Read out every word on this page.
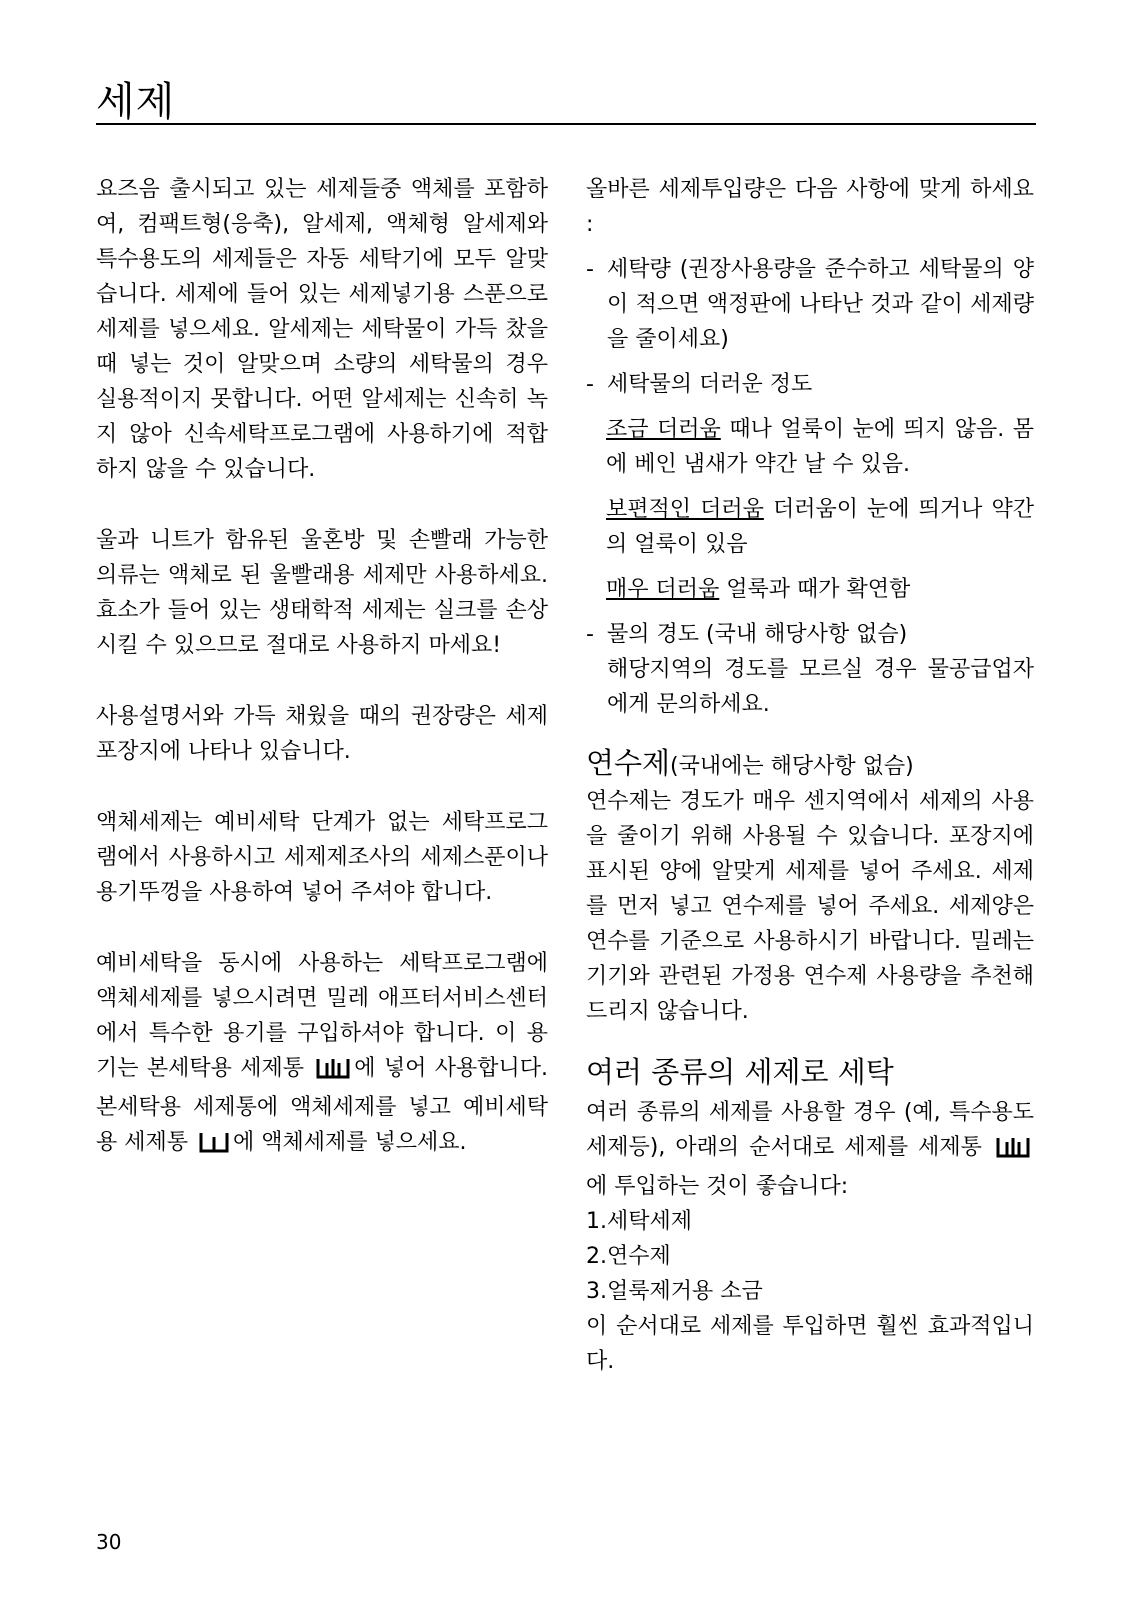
세제

요즈음 출시되고 있는 세제들중 액체를 포함하여, 컴팩트형(응축), 알세제, 액체형 알세제와 특수용도의 세제들은 자동 세탁기에 모두 알맞습니다. 세제에 들어 있는 세제넣기용 스푼으로 세제를 넣으세요. 알세제는 세탁물이 가득 찼을 때 넣는 것이 알맞으며 소량의 세탁물의 경우 실용적이지 못합니다. 어떤 알세제는 신속히 녹지 않아 신속세탁프로그램에 사용하기에 적합하지 않을 수 있습니다.

울과 니트가 함유된 울혼방 및 손빨래 가능한 의류는 액체로 된 울빨래용 세제만 사용하세요. 효소가 들어 있는 생태학적 세제는 실크를 손상시킬 수 있으므로 절대로 사용하지 마세요!

사용설명서와 가득 채웠을 때의 권장량은 세제 포장지에 나타나 있습니다.

액체세제는 예비세탁 단계가 없는 세탁프로그램에서 사용하시고 세제제조사의 세제스푼이나 용기뚜껑을 사용하여 넣어 주셔야 합니다.

예비세탁을 동시에 사용하는 세탁프로그램에 액체세제를 넣으시려면 밀레 애프터서비스센터에서 특수한 용기를 구입하셔야 합니다. 이 용기는 본세탁용 세제통 에 넣어 사용합니다. 본세탁용 세제통에 액체세제를 넣고 예비세탁용 세제통 에 액체세제를 넣으세요.

올바른 세제투입량은 다음 사항에 맞게 하세요 :

- 세탁량 (권장사용량을 준수하고 세탁물의 양이 적으면 액정판에 나타난 것과 같이 세제량을 줄이세요)

- 세탁물의 더러운 정도

조금 더러움 때나 얼룩이 눈에 띄지 않음. 몸에 베인 냄새가 약간 날 수 있음.

보편적인 더러움 더러움이 눈에 띄거나 약간의 얼룩이 있음

매우 더러움 얼룩과 때가 확연함

- 물의 경도 (국내 해당사항 없슴)

해당지역의 경도를 모르실 경우 물공급업자에게 문의하세요.

연수제(국내에는 해당사항 없슴)

연수제는 경도가 매우 센지역에서 세제의 사용을 줄이기 위해 사용될 수 있습니다. 포장지에 표시된 양에 알맞게 세제를 넣어 주세요. 세제를 먼저 넣고 연수제를 넣어 주세요. 세제양은 연수를 기준으로 사용하시기 바랍니다. 밀레는 기기와 관련된 가정용 연수제 사용량을 추천해 드리지 않습니다.

여러 종류의 세제로 세탁

여러 종류의 세제를 사용할 경우 (예, 특수용도 세제등), 아래의 순서대로 세제를 세제통 에 투입하는 것이 좋습니다:

1.세탁세제

2.연수제

3.얼룩제거용 소금

이 순서대로 세제를 투입하면 훨씬 효과적입니다.

30
